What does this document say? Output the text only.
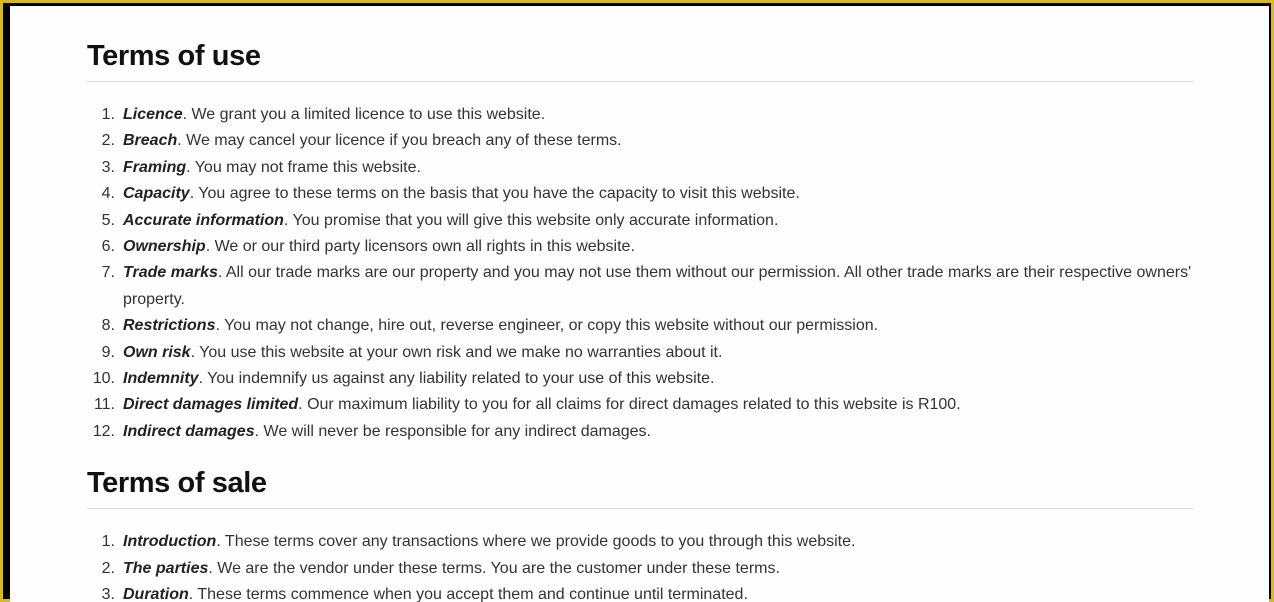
Terms of use
1. Licence. We grant you a limited licence to use this website.
2. Breach. We may cancel your licence if you breach any of these terms.
3. Framing. You may not frame this website.
4. Capacity. You agree to these terms on the basis that you have the capacity to visit this website.
5. Accurate information. You promise that you will give this website only accurate information.
6. Ownership. We or our third party licensors own all rights in this website.
7. Trade marks. All our trade marks are our property and you may not use them without our permission. All other trade marks are their respective owners' property.
8. Restrictions. You may not change, hire out, reverse engineer, or copy this website without our permission.
9. Own risk. You use this website at your own risk and we make no warranties about it.
10. Indemnity. You indemnify us against any liability related to your use of this website.
11. Direct damages limited. Our maximum liability to you for all claims for direct damages related to this website is R100.
12. Indirect damages. We will never be responsible for any indirect damages.
Terms of sale
1. Introduction. These terms cover any transactions where we provide goods to you through this website.
2. The parties. We are the vendor under these terms. You are the customer under these terms.
3. Duration. These terms commence when you accept them and continue until terminated.
